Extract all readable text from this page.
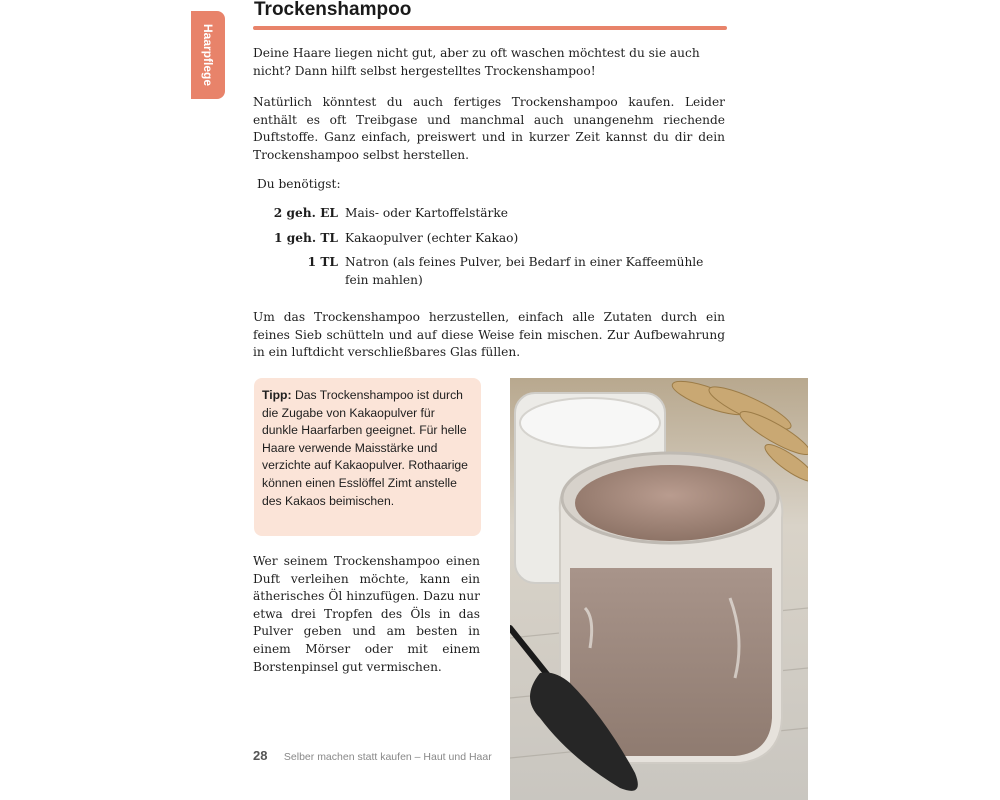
Haarpflege
Trockenshampoo

Deine Haare liegen nicht gut, aber zu oft waschen möchtest du sie auch nicht? Dann hilft selbst hergestelltes Trockenshampoo!

Natürlich könntest du auch fertiges Trockenshampoo kaufen. Leider enthält es oft Treibgase und manchmal auch unangenehm riechende Duftstoffe. Ganz einfach, preiswert und in kurzer Zeit kannst du dir dein Trockenshampoo selbst herstellen.

Du benötigst:

2 geh. EL Mais- oder Kartoffelstärke
1 geh. TL Kakaopulver (echter Kakao)
1 TL Natron (als feines Pulver, bei Bedarf in einer Kaffeemühle fein mahlen)

Um das Trockenshampoo herzustellen, einfach alle Zutaten durch ein feines Sieb schütteln und auf diese Weise fein mischen. Zur Aufbewahrung in ein luftdicht verschließbares Glas füllen.

Tipp: Das Trockenshampoo ist durch die Zugabe von Kakaopulver für dunkle Haarfarben geeignet. Für helle Haare verwende Maisstärke und verzichte auf Kakaopulver. Rothaarige können einen Esslöffel Zimt anstelle des Kakaos beimischen.

Wer seinem Trockenshampoo einen Duft verleihen möchte, kann ein ätherisches Öl hinzufügen. Dazu nur etwa drei Tropfen des Öls in das Pulver geben und am besten in einem Mörser oder mit einem Borstenpinsel gut vermischen.

28 Selber machen statt kaufen – Haut und Haar
